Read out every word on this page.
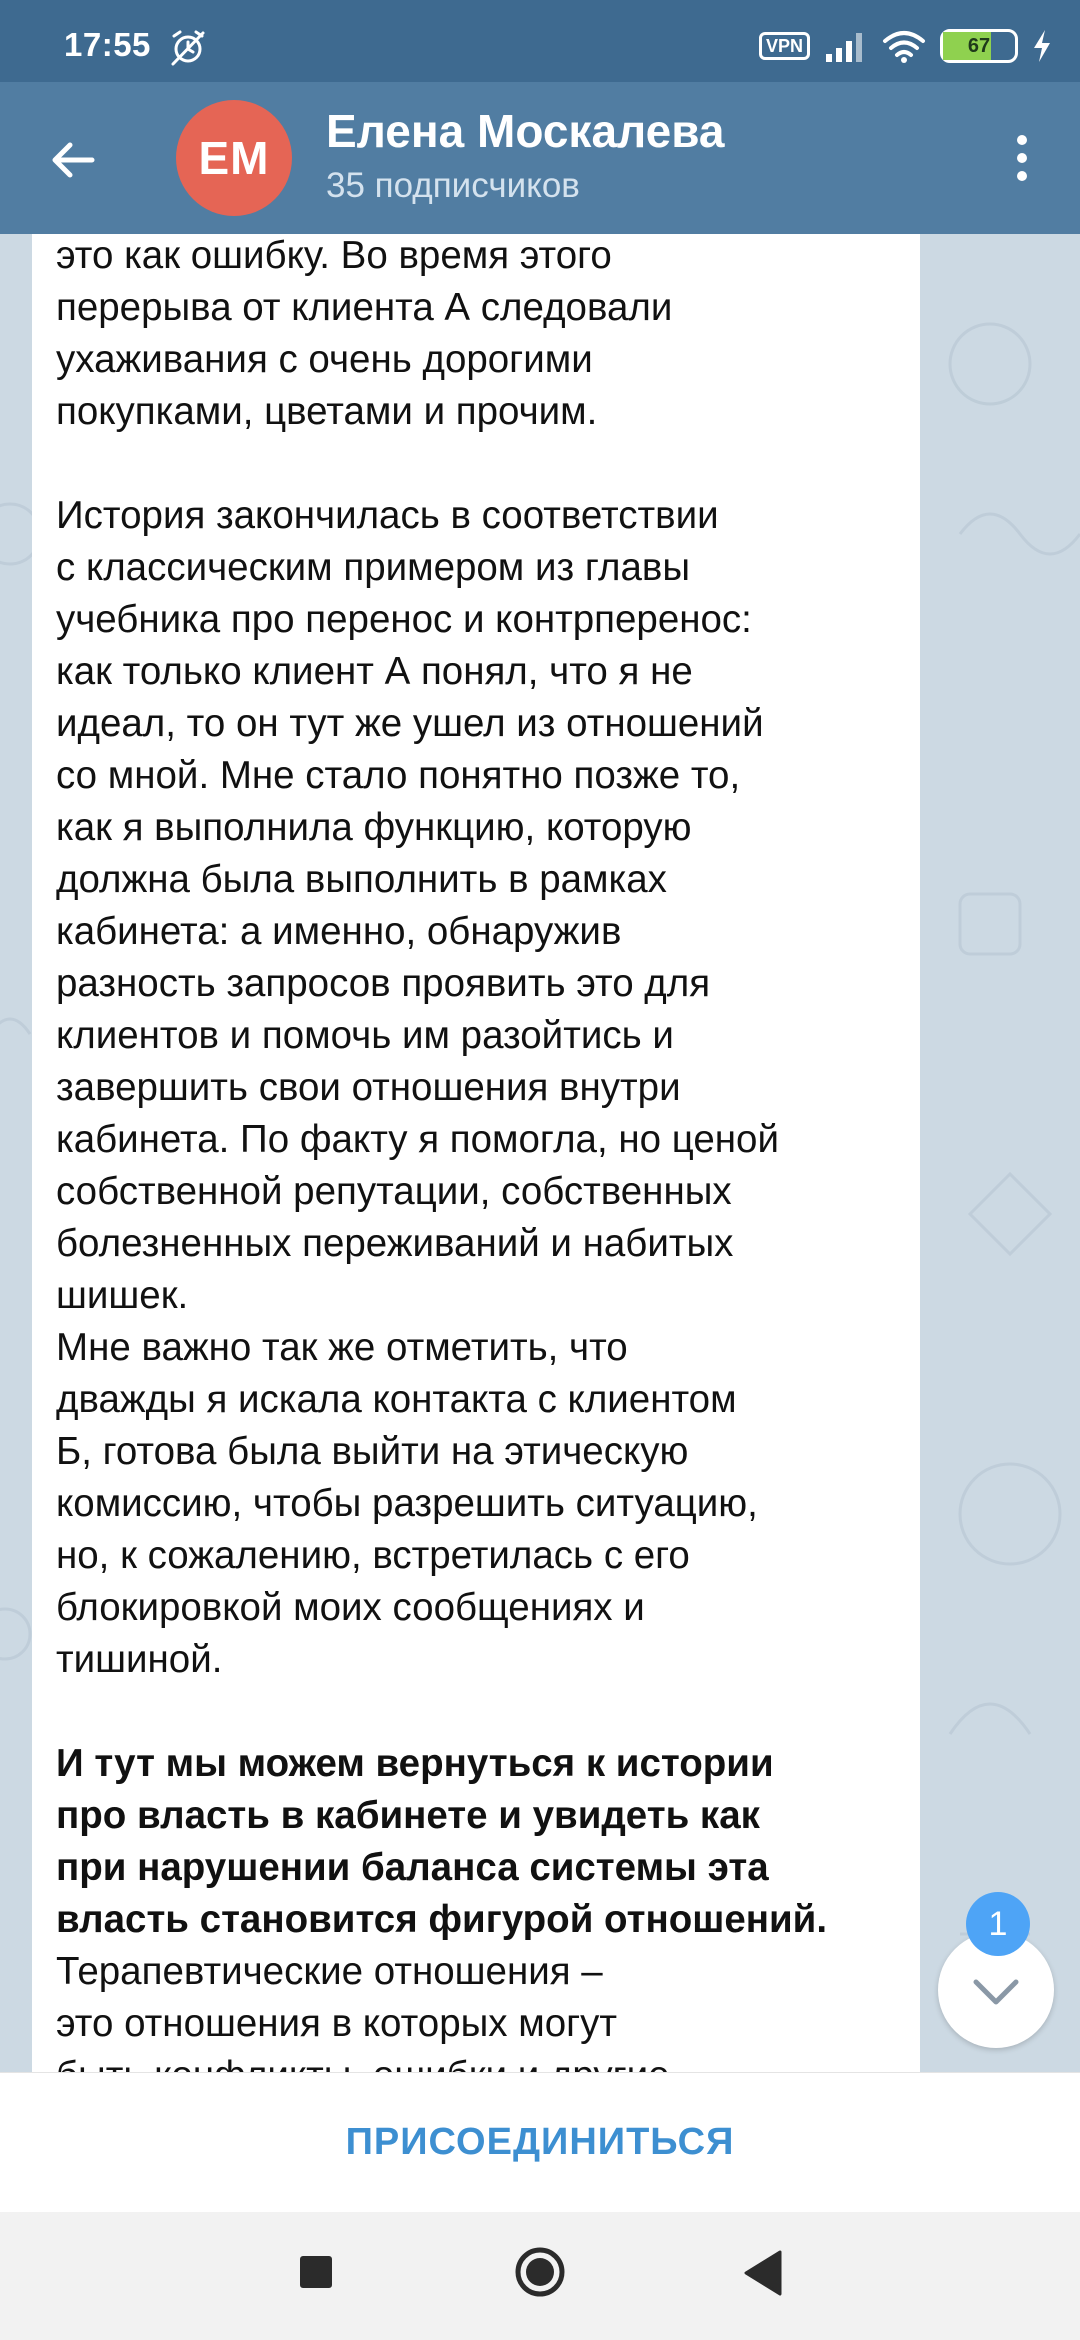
17:55	VPN	67
ЕМ
Елена Москалева
35 подписчиков

это как ошибку. Во время этого
перерыва от клиента А следовали
ухаживания с очень дорогими
покупками, цветами и прочим.

История закончилась в соответствии
с классическим примером из главы
учебника про перенос и контрперенос:
как только клиент А понял, что я не
идеал, то он тут же ушел из отношений
со мной. Мне стало понятно позже то,
как я выполнила функцию, которую
должна была выполнить в рамках
кабинета: а именно, обнаружив
разность запросов проявить это для
клиентов и помочь им разойтись и
завершить свои отношения внутри
кабинета. По факту я помогла, но ценой
собственной репутации, собственных
болезненных переживаний и набитых
шишек.

Мне важно так же отметить, что
дважды я искала контакта с клиентом
Б, готова была выйти на этическую
комиссию, чтобы разрешить ситуацию,
но, к сожалению, встретилась с его
блокировкой моих сообщениях и
тишиной.

И тут мы можем вернуться к истории
про власть в кабинете и увидеть как
при нарушении баланса системы эта
власть становится фигурой отношений.

Терапевтические отношения –
это отношения в которых могут

1
ПРИСОЕДИНИТЬСЯ
